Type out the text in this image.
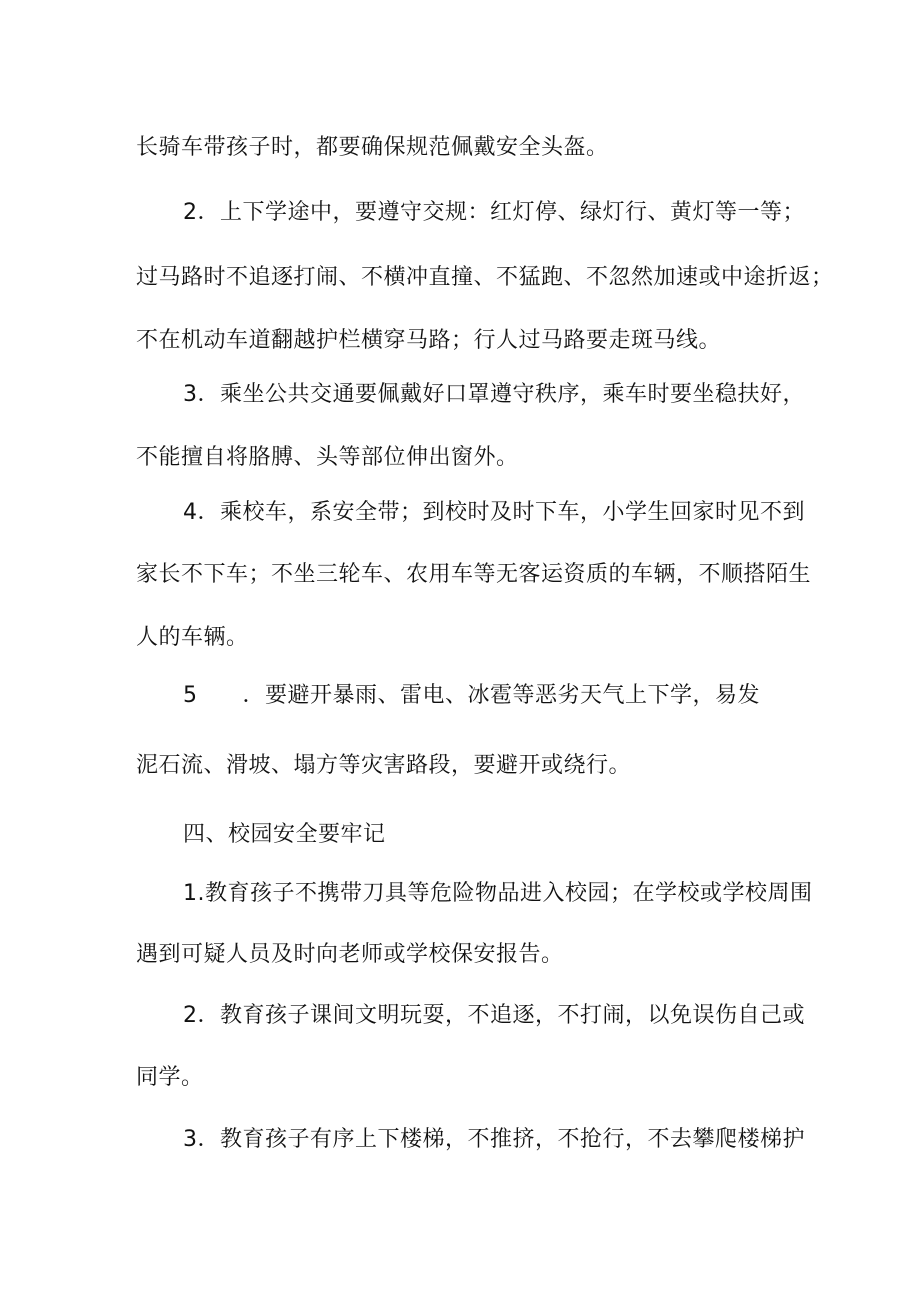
长骑车带孩子时，都要确保规范佩戴安全头盔。
2．上下学途中，要遵守交规：红灯停、绿灯行、黄灯等一等；
过马路时不追逐打闹、不横冲直撞、不猛跑、不忽然加速或中途折返；
不在机动车道翻越护栏横穿马路；行人过马路要走斑马线。
3．乘坐公共交通要佩戴好口罩遵守秩序，乘车时要坐稳扶好，
不能擅自将胳膊、头等部位伸出窗外。
4．乘校车，系安全带；到校时及时下车，小学生回家时见不到
家长不下车；不坐三轮车、农用车等无客运资质的车辆，不顺搭陌生
人的车辆。
5　　．要避开暴雨、雷电、冰雹等恶劣天气上下学，易发
泥石流、滑坡、塌方等灾害路段，要避开或绕行。
四、校园安全要牢记
1.教育孩子不携带刀具等危险物品进入校园；在学校或学校周围
遇到可疑人员及时向老师或学校保安报告。
2．教育孩子课间文明玩耍，不追逐，不打闹，以免误伤自己或
同学。
3．教育孩子有序上下楼梯，不推挤，不抢行，不去攀爬楼梯护
